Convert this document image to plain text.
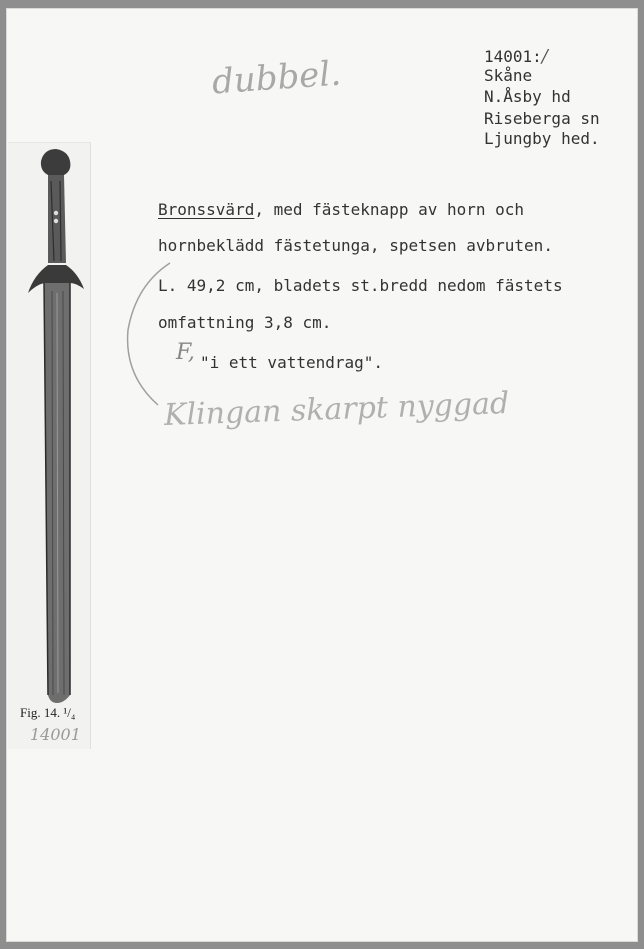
dubbel.	14001:/
Skåne
N.Åsby hd
Riseberga sn
Ljungby hed.
Fig. 14. ¹/₄
14001
Bronssvärd, med fästeknapp av horn och
hornbeklädd fästetunga, spetsen avbruten.
L. 49,2 cm, bladets st.bredd nedom fästets
omfattning 3,8 cm.
"i ett vattendrag".
F,
Klingan skarpt nyggad
